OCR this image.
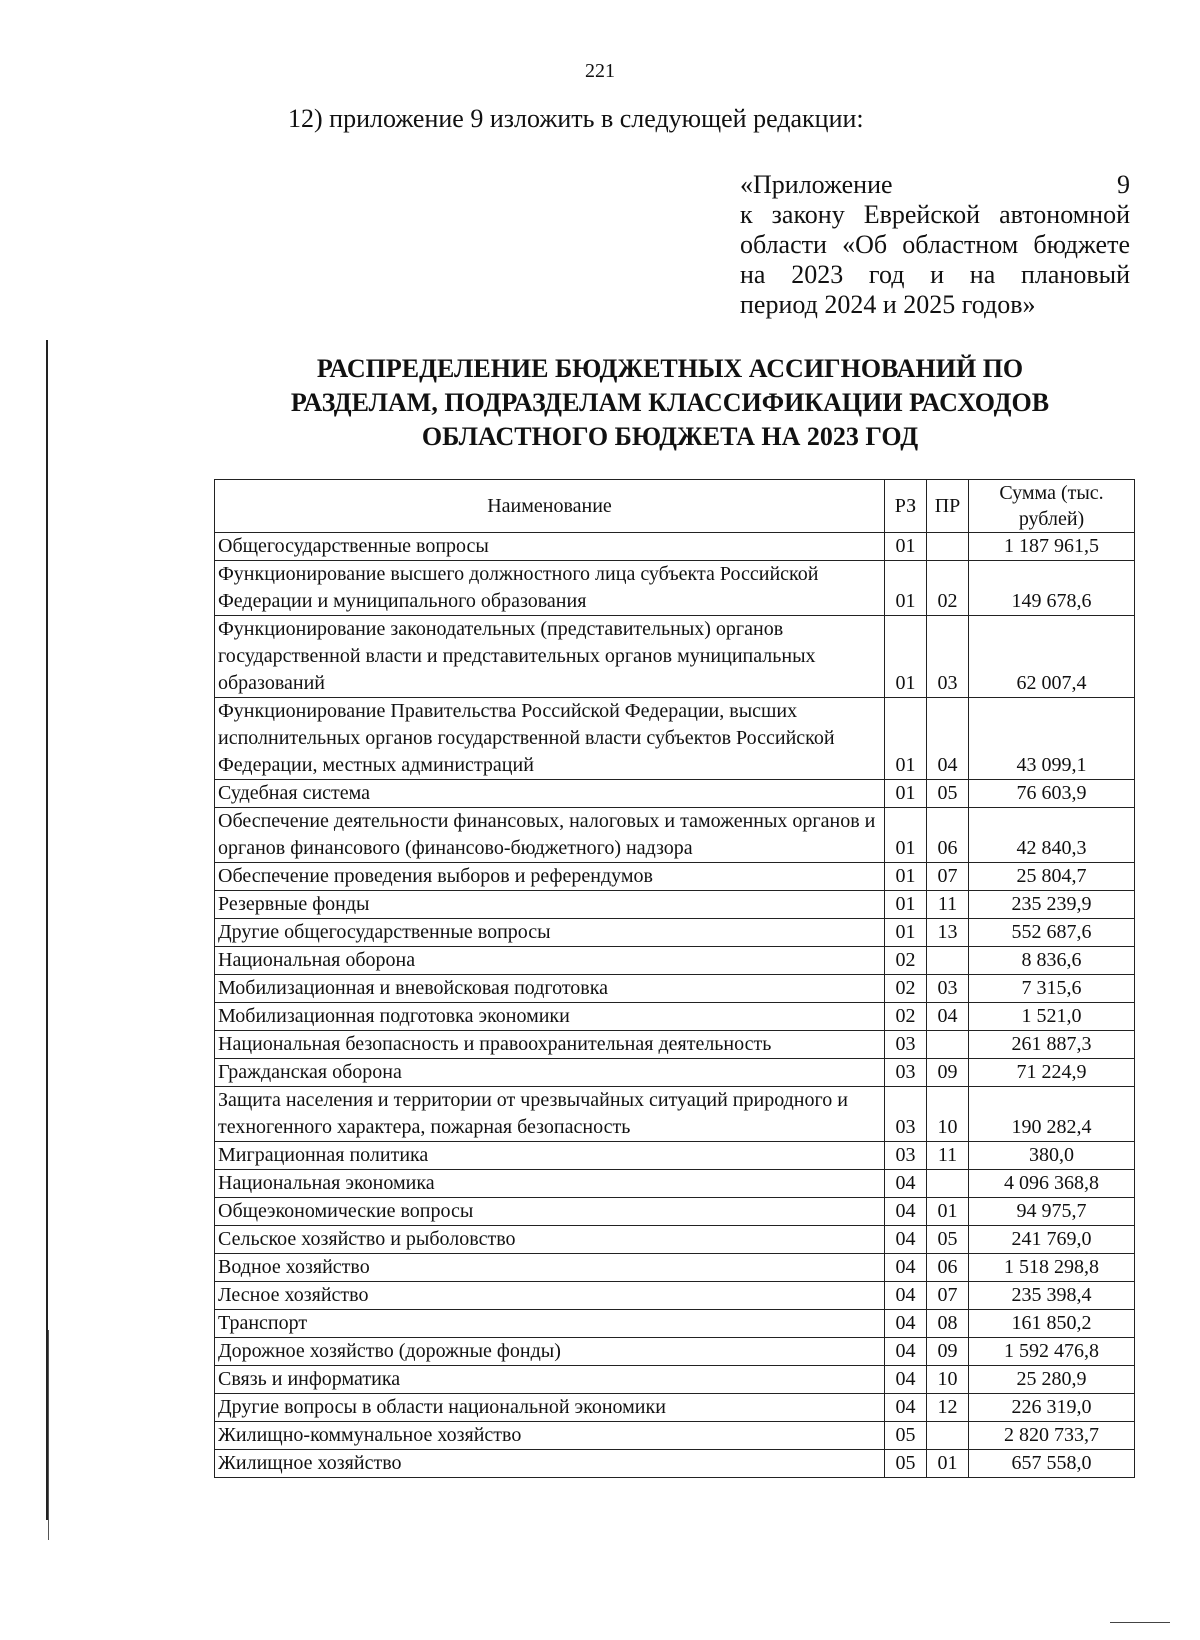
221
12) приложение 9 изложить в следующей редакции:
«Приложение 9
к закону Еврейской автономной
области «Об областном бюджете
на 2023 год и на плановый
период 2024 и 2025 годов»
РАСПРЕДЕЛЕНИЕ БЮДЖЕТНЫХ АССИГНОВАНИЙ ПО
РАЗДЕЛАМ, ПОДРАЗДЕЛАМ КЛАССИФИКАЦИИ РАСХОДОВ
ОБЛАСТНОГО БЮДЖЕТА НА 2023 ГОД
Наименование	РЗ	ПР	Сумма (тыс. рублей)
Общегосударственные вопросы	01		1 187 961,5
Функционирование высшего должностного лица субъекта Российской Федерации и муниципального образования	01	02	149 678,6
Функционирование законодательных (представительных) органов государственной власти и представительных органов муниципальных образований	01	03	62 007,4
Функционирование Правительства Российской Федерации, высших исполнительных органов государственной власти субъектов Российской Федерации, местных администраций	01	04	43 099,1
Судебная система	01	05	76 603,9
Обеспечение деятельности финансовых, налоговых и таможенных органов и органов финансового (финансово-бюджетного) надзора	01	06	42 840,3
Обеспечение проведения выборов и референдумов	01	07	25 804,7
Резервные фонды	01	11	235 239,9
Другие общегосударственные вопросы	01	13	552 687,6
Национальная оборона	02		8 836,6
Мобилизационная и вневойсковая подготовка	02	03	7 315,6
Мобилизационная подготовка экономики	02	04	1 521,0
Национальная безопасность и правоохранительная деятельность	03		261 887,3
Гражданская оборона	03	09	71 224,9
Защита населения и территории от чрезвычайных ситуаций природного и техногенного характера, пожарная безопасность	03	10	190 282,4
Миграционная политика	03	11	380,0
Национальная экономика	04		4 096 368,8
Общеэкономические вопросы	04	01	94 975,7
Сельское хозяйство и рыболовство	04	05	241 769,0
Водное хозяйство	04	06	1 518 298,8
Лесное хозяйство	04	07	235 398,4
Транспорт	04	08	161 850,2
Дорожное хозяйство (дорожные фонды)	04	09	1 592 476,8
Связь и информатика	04	10	25 280,9
Другие вопросы в области национальной экономики	04	12	226 319,0
Жилищно-коммунальное хозяйство	05		2 820 733,7
Жилищное хозяйство	05	01	657 558,0
